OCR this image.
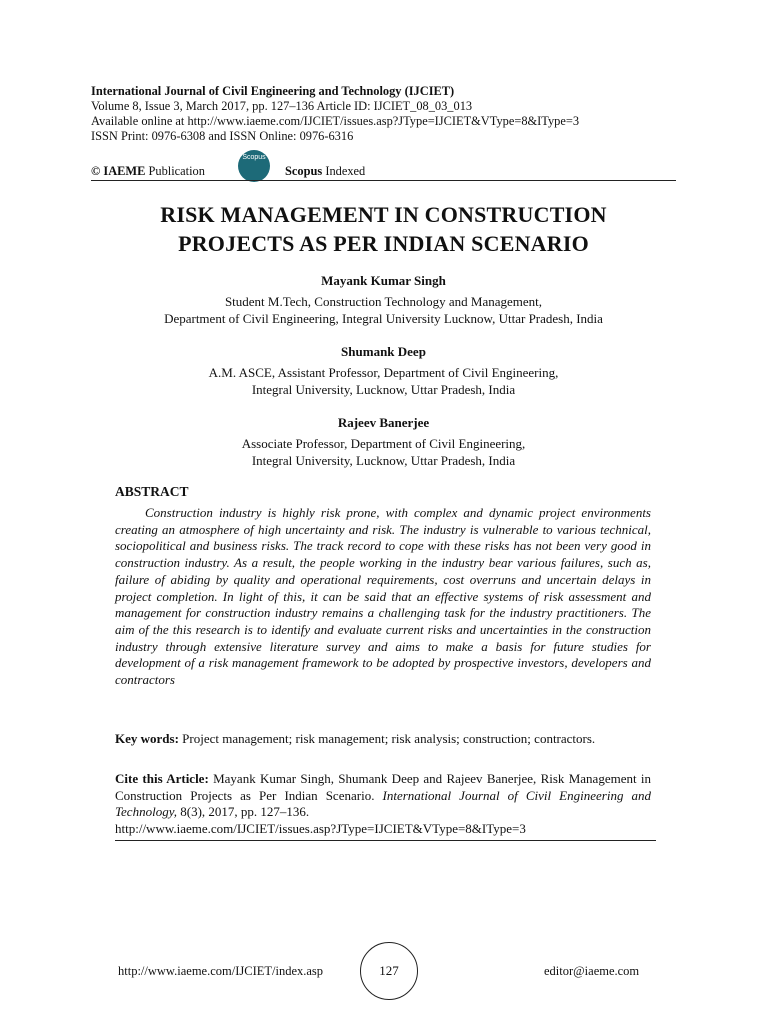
International Journal of Civil Engineering and Technology (IJCIET)
Volume 8, Issue 3, March 2017, pp. 127–136 Article ID: IJCIET_08_03_013
Available online at http://www.iaeme.com/IJCIET/issues.asp?JType=IJCIET&VType=8&IType=3
ISSN Print: 0976-6308 and ISSN Online: 0976-6316
© IAEME Publication
Scopus
Scopus Indexed
RISK MANAGEMENT IN CONSTRUCTION
PROJECTS AS PER INDIAN SCENARIO
Mayank Kumar Singh
Student M.Tech, Construction Technology and Management,
Department of Civil Engineering, Integral University Lucknow, Uttar Pradesh, India
Shumank Deep
A.M. ASCE, Assistant Professor, Department of Civil Engineering,
Integral University, Lucknow, Uttar Pradesh, India
Rajeev Banerjee
Associate Professor, Department of Civil Engineering,
Integral University, Lucknow, Uttar Pradesh, India
ABSTRACT
Construction industry is highly risk prone, with complex and dynamic project environments creating an atmosphere of high uncertainty and risk. The industry is vulnerable to various technical, sociopolitical and business risks. The track record to cope with these risks has not been very good in construction industry. As a result, the people working in the industry bear various failures, such as, failure of abiding by quality and operational requirements, cost overruns and uncertain delays in project completion. In light of this, it can be said that an effective systems of risk assessment and management for construction industry remains a challenging task for the industry practitioners. The aim of the this research is to identify and evaluate current risks and uncertainties in the construction industry through extensive literature survey and aims to make a basis for future studies for development of a risk management framework to be adopted by prospective investors, developers and contractors
Key words: Project management; risk management; risk analysis; construction; contractors.
Cite this Article: Mayank Kumar Singh, Shumank Deep and Rajeev Banerjee, Risk Management in Construction Projects as Per Indian Scenario. International Journal of Civil Engineering and Technology, 8(3), 2017, pp. 127–136.
http://www.iaeme.com/IJCIET/issues.asp?JType=IJCIET&VType=8&IType=3
http://www.iaeme.com/IJCIET/index.asp	127	editor@iaeme.com
